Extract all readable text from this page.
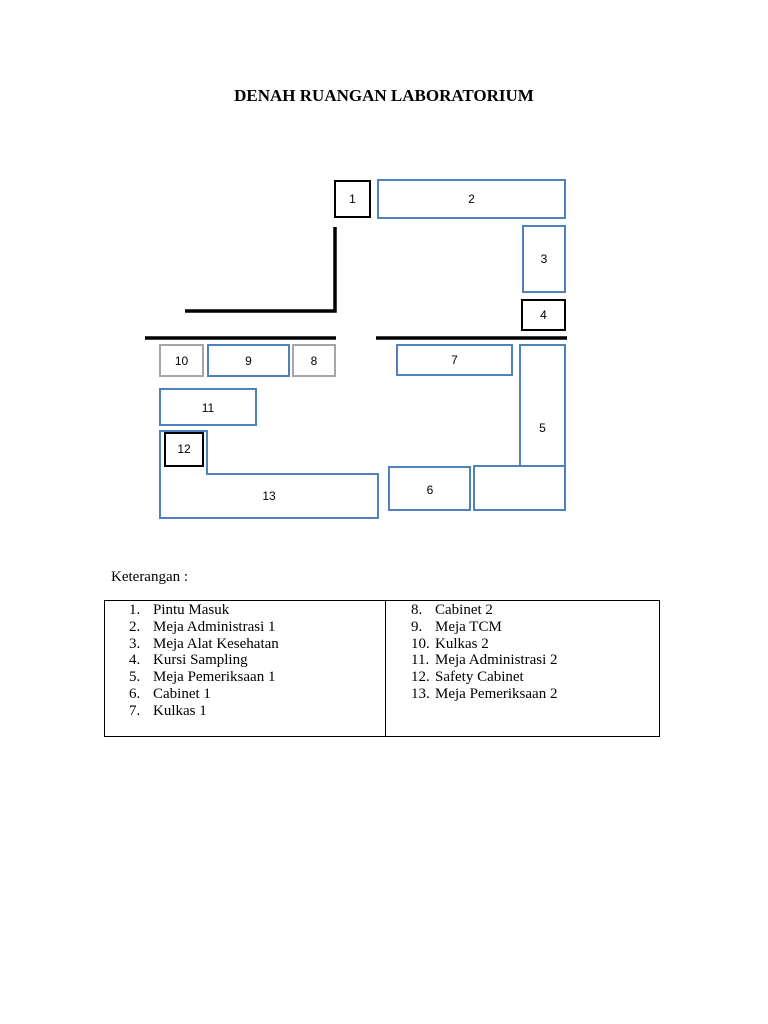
DENAH RUANGAN LABORATORIUM
1	2
3
4
5
6
7
8
9
10
11
13
12
Keterangan :
1. Pintu Masuk
2. Meja Administrasi 1
3. Meja Alat Kesehatan
4. Kursi Sampling
5. Meja Pemeriksaan 1
6. Cabinet 1
7. Kulkas 1
8. Cabinet 2
9. Meja TCM
10. Kulkas 2
11. Meja Administrasi 2
12. Safety Cabinet
13. Meja Pemeriksaan 2
